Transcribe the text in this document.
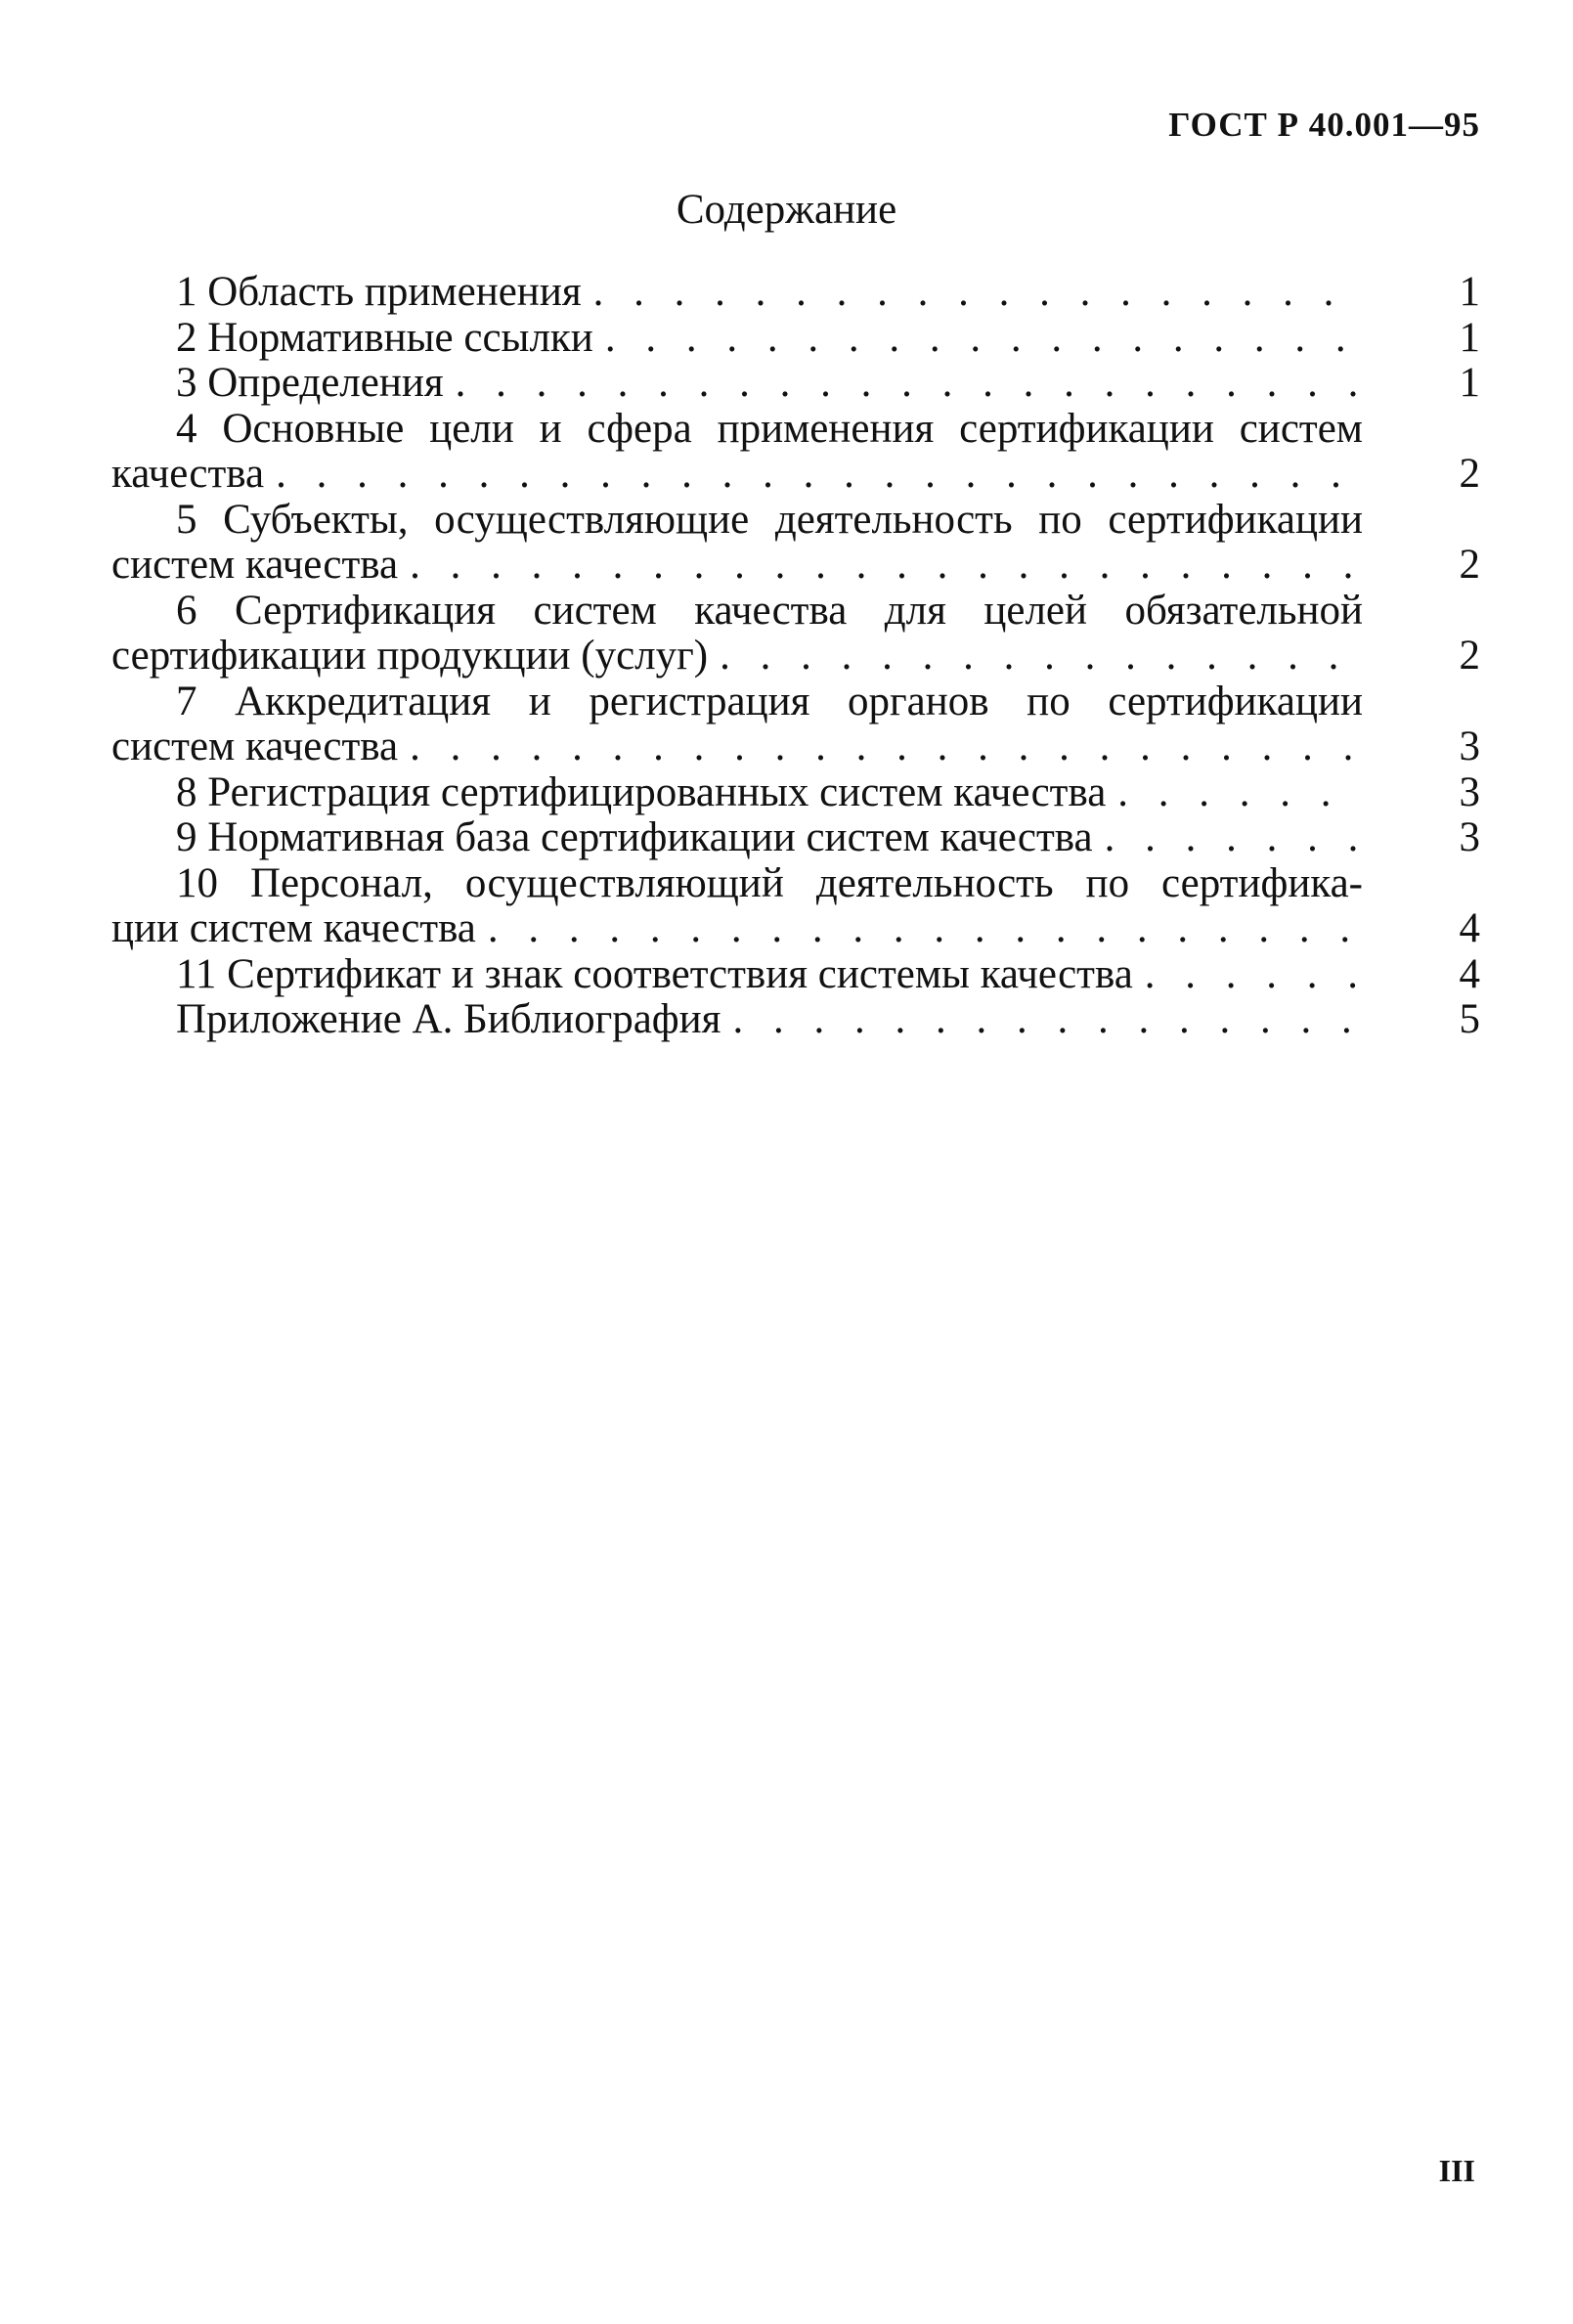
ГОСТ Р 40.001—95
Содержание
1 Область применения . . .	1
2 Нормативные ссылки . . .	1
3 Определения . . .	1
4 Основные цели и сфера применения сертификации систем
качества . . .	2
5 Субъекты, осуществляющие деятельность по сертификации
систем качества . . .	2
6 Сертификация систем качества для целей обязательной
сертификации продукции (услуг) . . .	2
7 Аккредитация и регистрация органов по сертификации
систем качества . . .	3
8 Регистрация сертифицированных систем качества . . .	3
9 Нормативная база сертификации систем качества . . .	3
10 Персонал, осуществляющий деятельность по сертифика-
ции систем качества . . .	4
11 Сертификат и знак соответствия системы качества . . .	4
Приложение А. Библиография . . .	5
III
